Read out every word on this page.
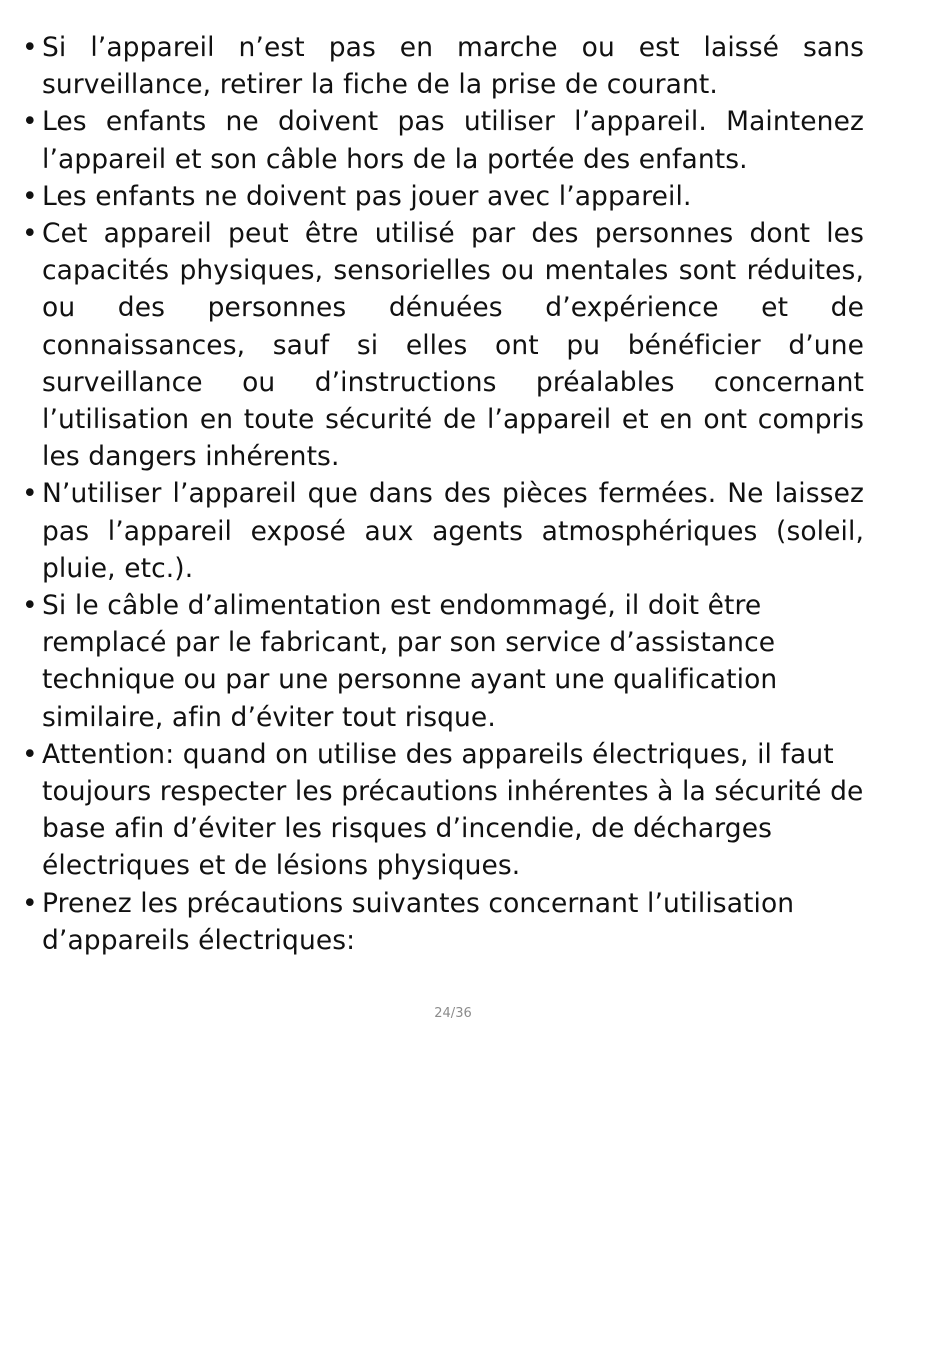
• Si l’appareil n’est pas en marche ou est laissé sans surveillance, retirer la fiche de la prise de courant.
• Les enfants ne doivent pas utiliser l’appareil. Maintenez l’appareil et son câble hors de la portée des enfants.
• Les enfants ne doivent pas jouer avec l’appareil.
• Cet appareil peut être utilisé par des personnes dont les capacités physiques, sensorielles ou mentales sont réduites, ou des personnes dénuées d’expérience et de connaissances, sauf si elles ont pu bénéficier d’une surveillance ou d’instructions préalables concernant l’utilisation en toute sécurité de l’appareil et en ont compris les dangers inhérents.
• N’utiliser l’appareil que dans des pièces fermées. Ne laissez pas l’appareil exposé aux agents atmosphériques (soleil, pluie, etc.).
• Si le câble d’alimentation est endommagé, il doit être remplacé par le fabricant, par son service d’assistance technique ou par une personne ayant une qualification similaire, afin d’éviter tout risque.
• Attention: quand on utilise des appareils électriques, il faut toujours respecter les précautions inhérentes à la sécurité de base afin d’éviter les risques d’incendie, de décharges électriques et de lésions physiques.
• Prenez les précautions suivantes concernant l’utilisation d’appareils électriques:
24/36
